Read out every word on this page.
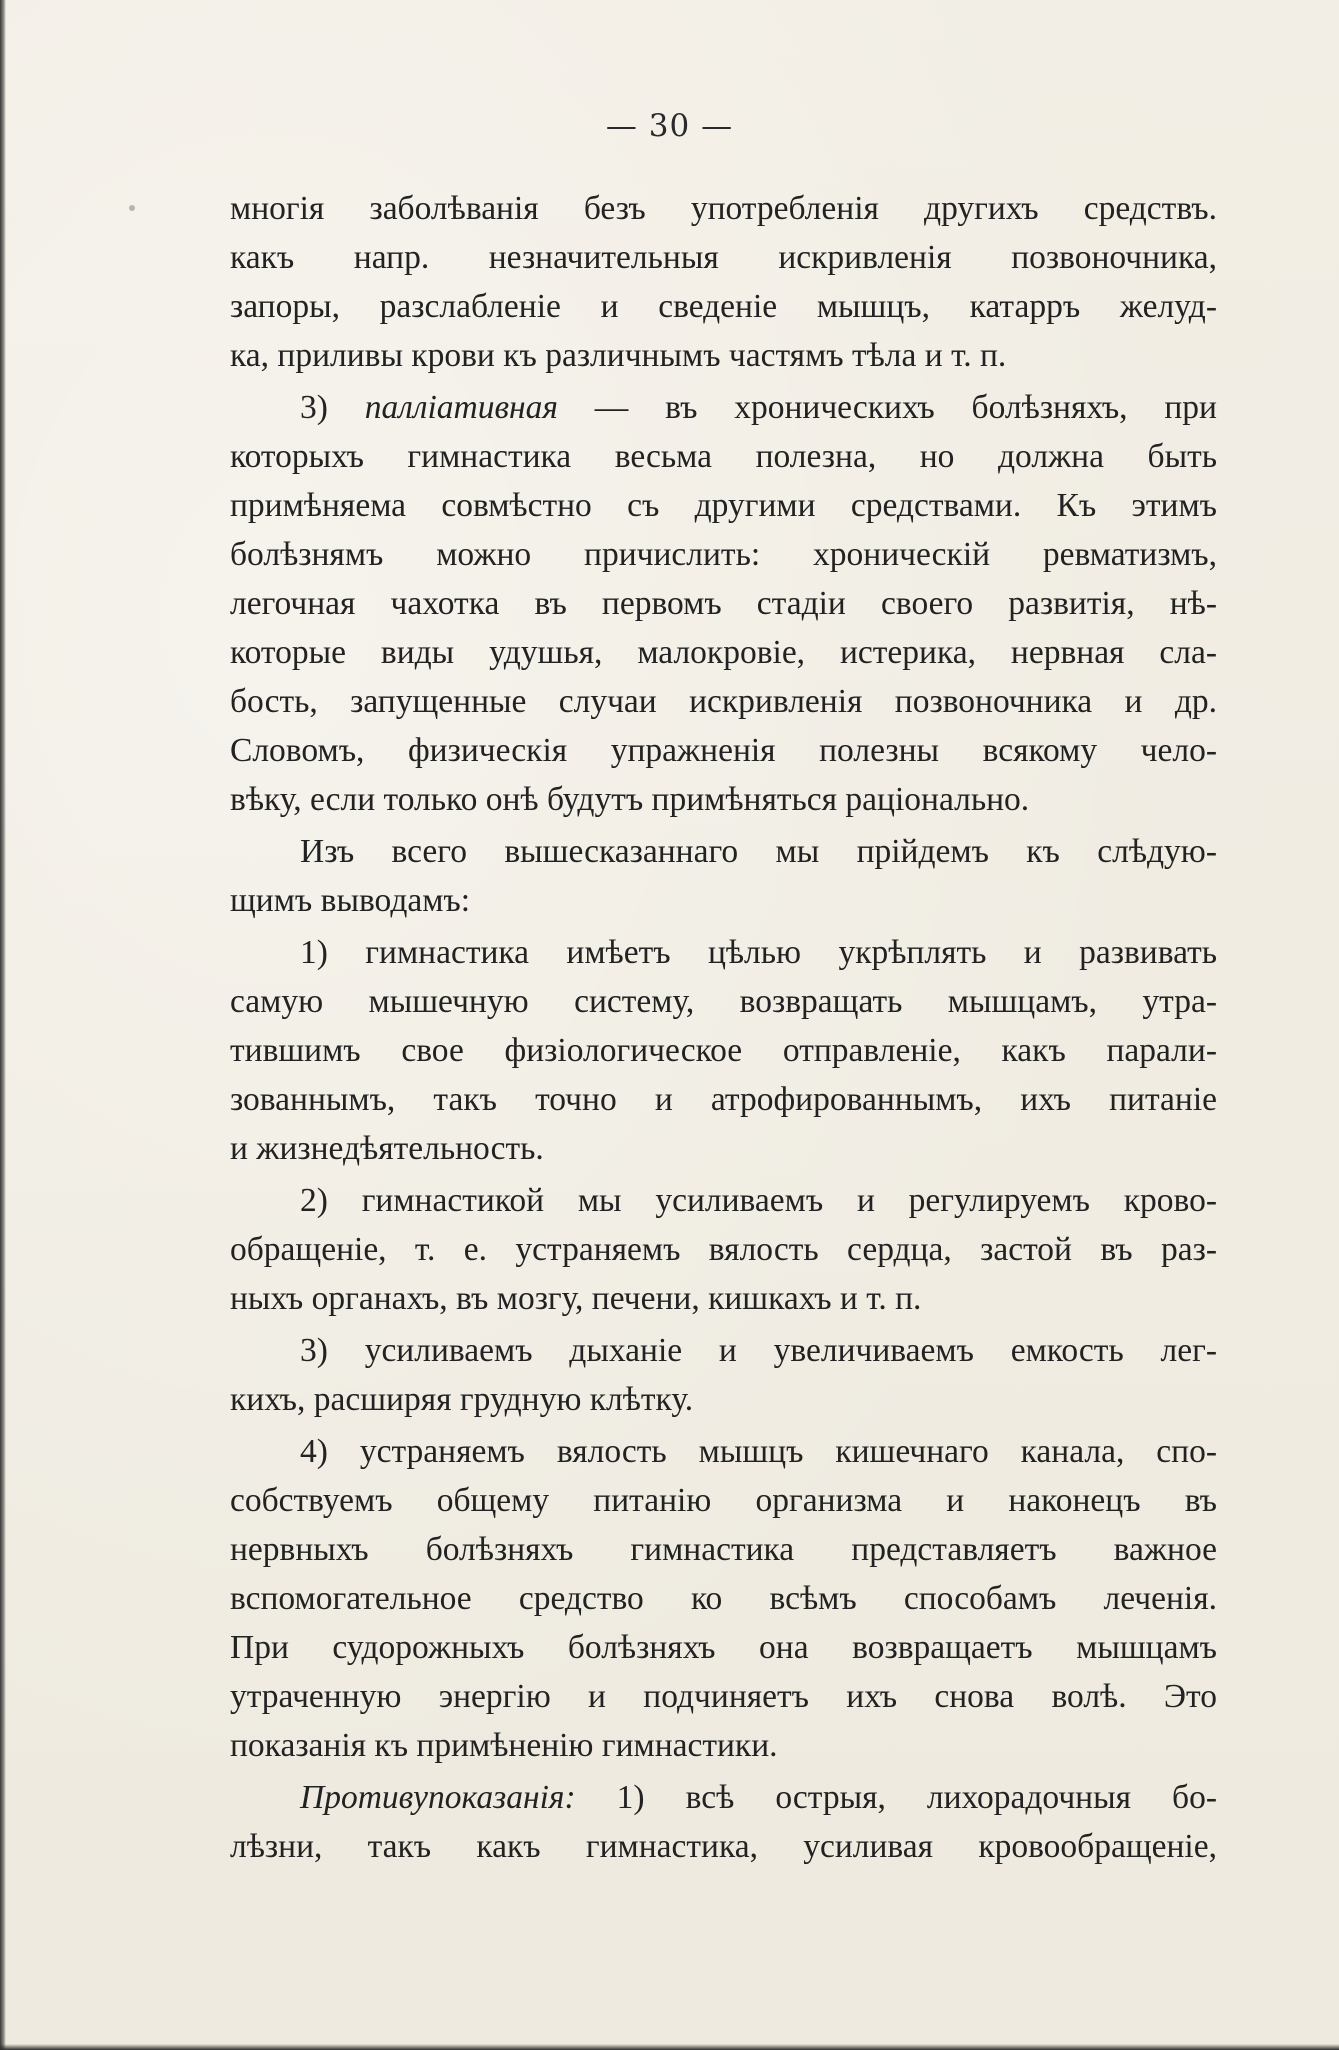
— 30 —
многія заболѣванія безъ употребленія другихъ средствъ.
какъ напр. незначительныя искривленія позвоночника,
запоры, разслабленіе и сведеніе мышцъ, катарръ желуд-
ка, приливы крови къ различнымъ частямъ тѣла и т. п.
3) палліативная — въ хроническихъ болѣзняхъ, при
которыхъ гимнастика весьма полезна, но должна быть
примѣняема совмѣстно съ другими средствами. Къ этимъ
болѣзнямъ можно причислить: хроническій ревматизмъ,
легочная чахотка въ первомъ стадіи своего развитія, нѣ-
которые виды удушья, малокровіе, истерика, нервная сла-
бость, запущенные случаи искривленія позвоночника и др.
Словомъ, физическія упражненія полезны всякому чело-
вѣку, если только онѣ будутъ примѣняться раціонально.
Изъ всего вышесказаннаго мы прійдемъ къ слѣдую-
щимъ выводамъ:
1) гимнастика имѣетъ цѣлью укрѣплять и развивать
самую мышечную систему, возвращать мышцамъ, утра-
тившимъ свое физіологическое отправленіе, какъ парали-
зованнымъ, такъ точно и атрофированнымъ, ихъ питаніе
и жизнедѣятельность.
2) гимнастикой мы усиливаемъ и регулируемъ крово-
обращеніе, т. е. устраняемъ вялость сердца, застой въ раз-
ныхъ органахъ, въ мозгу, печени, кишкахъ и т. п.
3) усиливаемъ дыханіе и увеличиваемъ емкость лег-
кихъ, расширяя грудную клѣтку.
4) устраняемъ вялость мышцъ кишечнаго канала, спо-
собствуемъ общему питанію организма и наконецъ въ
нервныхъ болѣзняхъ гимнастика представляетъ важное
вспомогательное средство ко всѣмъ способамъ леченія.
При судорожныхъ болѣзняхъ она возвращаетъ мышцамъ
утраченную энергію и подчиняетъ ихъ снова волѣ. Это
показанія къ примѣненію гимнастики.
Противупоказанія: 1) всѣ острыя, лихорадочныя бо-
лѣзни, такъ какъ гимнастика, усиливая кровообращеніе,
